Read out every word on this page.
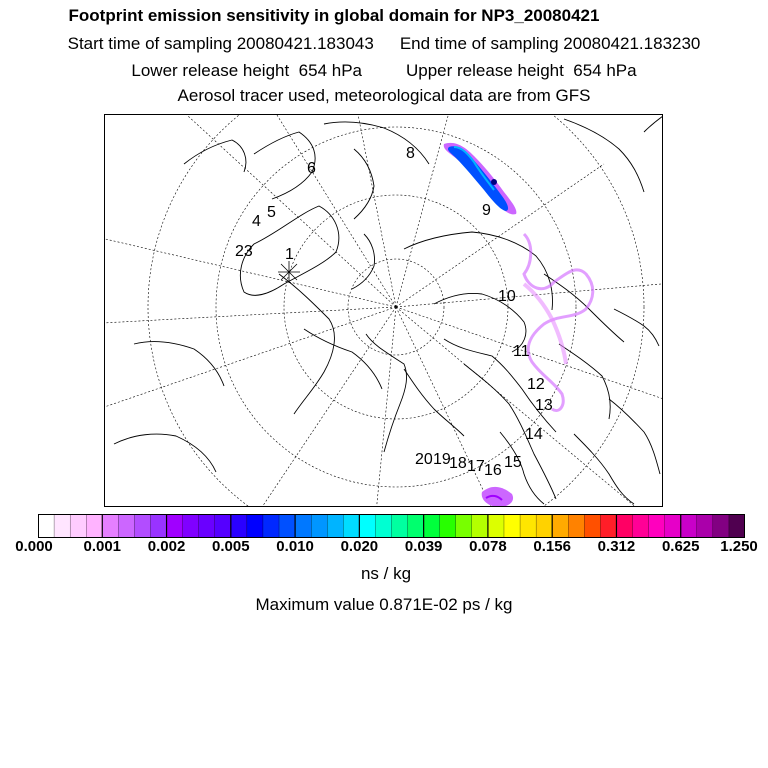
Footprint emission sensitivity in global domain for NP3_20080421
Start time of sampling 20080421.183043 End time of sampling 20080421.183230
Lower release height  654 hPa	Upper release height  654 hPa
Aerosol tracer used, meteorological data are from GFS
1
23
4
5
6
8
9
10
11
12
13
14
15
16
17
18
19
20
0.000 0.001 0.002 0.005 0.010 0.020 0.039 0.078 0.156 0.312 0.625 1.250
ns / kg
Maximum value 0.871E-02 ps / kg
